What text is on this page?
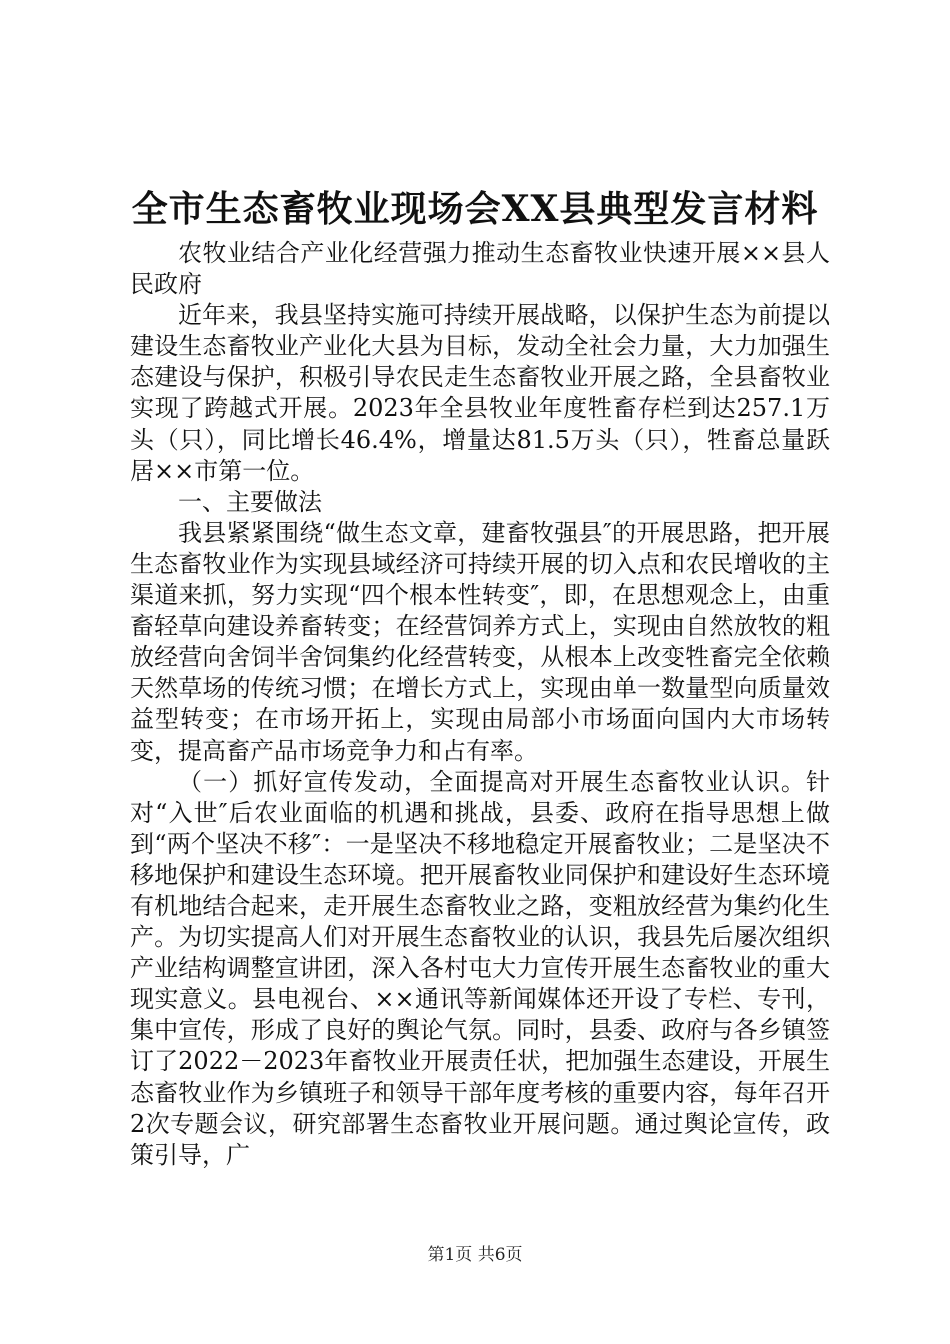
全市生态畜牧业现场会XX县典型发言材料

农牧业结合产业化经营强力推动生态畜牧业快速开展××县人民政府

近年来，我县坚持实施可持续开展战略，以保护生态为前提以建设生态畜牧业产业化大县为目标，发动全社会力量，大力加强生态建设与保护，积极引导农民走生态畜牧业开展之路，全县畜牧业实现了跨越式开展。2023年全县牧业年度牲畜存栏到达257.1万头（只），同比增长46.4%，增量达81.5万头（只），牲畜总量跃居××市第一位。

一、主要做法

我县紧紧围绕“做生态文章，建畜牧强县″的开展思路，把开展生态畜牧业作为实现县域经济可持续开展的切入点和农民增收的主渠道来抓，努力实现“四个根本性转变″，即，在思想观念上，由重畜轻草向建设养畜转变；在经营饲养方式上，实现由自然放牧的粗放经营向舍饲半舍饲集约化经营转变，从根本上改变牲畜完全依赖天然草场的传统习惯；在增长方式上，实现由单一数量型向质量效益型转变；在市场开拓上，实现由局部小市场面向国内大市场转变，提高畜产品市场竞争力和占有率。

（一）抓好宣传发动，全面提高对开展生态畜牧业认识。针对“入世″后农业面临的机遇和挑战，县委、政府在指导思想上做到“两个坚决不移″：一是坚决不移地稳定开展畜牧业；二是坚决不移地保护和建设生态环境。把开展畜牧业同保护和建设好生态环境有机地结合起来，走开展生态畜牧业之路，变粗放经营为集约化生产。为切实提高人们对开展生态畜牧业的认识，我县先后屡次组织产业结构调整宣讲团，深入各村屯大力宣传开展生态畜牧业的重大现实意义。县电视台、××通讯等新闻媒体还开设了专栏、专刊，集中宣传，形成了良好的舆论气氛。同时，县委、政府与各乡镇签订了2022－2023年畜牧业开展责任状，把加强生态建设，开展生态畜牧业作为乡镇班子和领导干部年度考核的重要内容，每年召开2次专题会议，研究部署生态畜牧业开展问题。通过舆论宣传，政策引导，广

第1页 共6页
